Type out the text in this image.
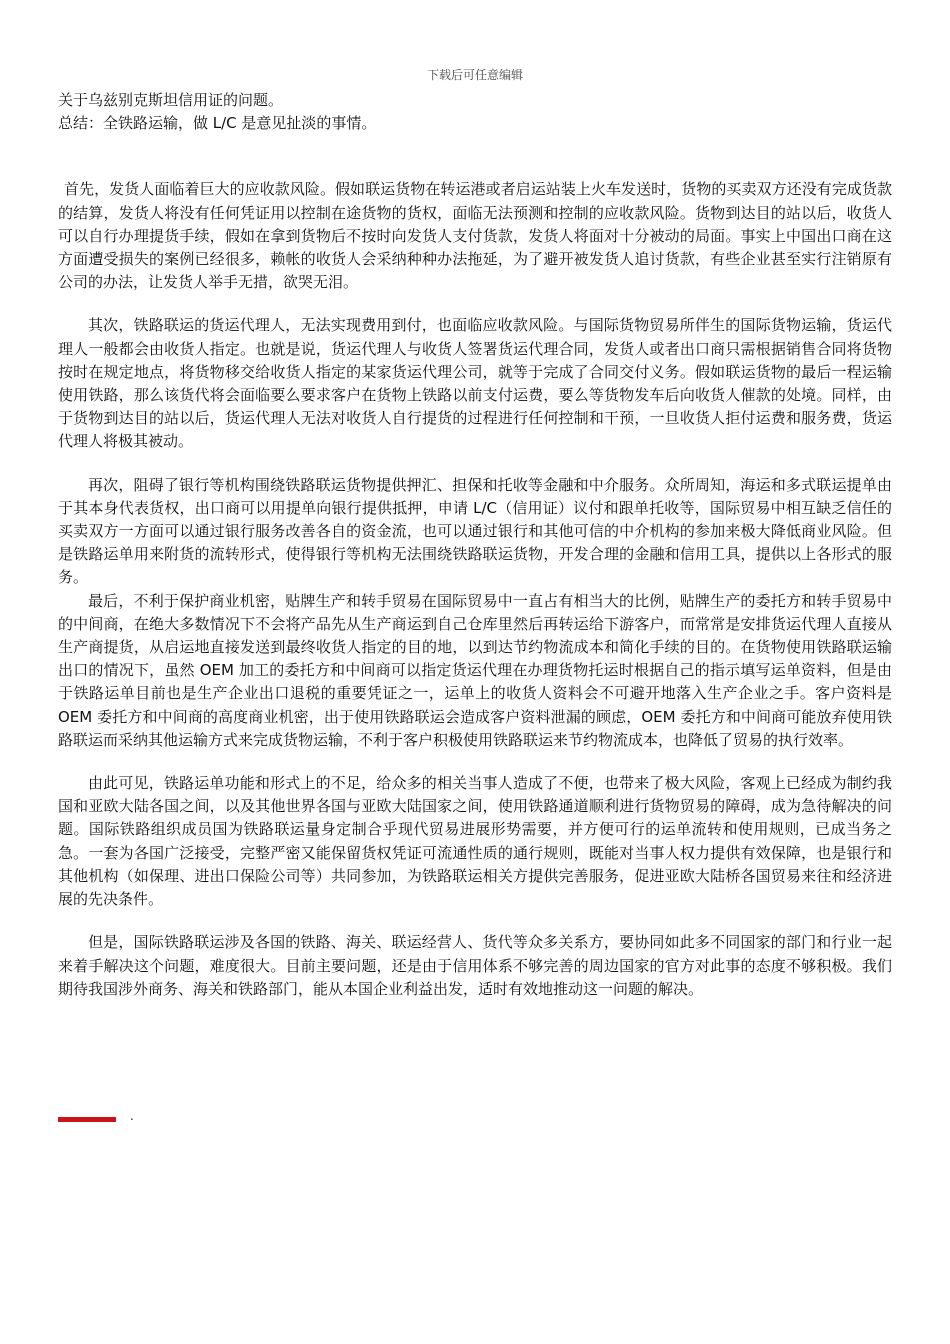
下载后可任意编辑

关于乌兹别克斯坦信用证的问题。

总结：全铁路运输，做 L/C 是意见扯淡的事情。

首先，发货人面临着巨大的应收款风险。假如联运货物在转运港或者启运站装上火车发送时，货物的买卖双方还没有完成货款的结算，发货人将没有任何凭证用以控制在途货物的货权，面临无法预测和控制的应收款风险。货物到达目的站以后，收货人可以自行办理提货手续，假如在拿到货物后不按时向发货人支付货款，发货人将面对十分被动的局面。事实上中国出口商在这方面遭受损失的案例已经很多，赖帐的收货人会采纳种种办法拖延，为了避开被发货人追讨货款，有些企业甚至实行注销原有公司的办法，让发货人举手无措，欲哭无泪。

其次，铁路联运的货运代理人，无法实现费用到付，也面临应收款风险。与国际货物贸易所伴生的国际货物运输，货运代理人一般都会由收货人指定。也就是说，货运代理人与收货人签署货运代理合同，发货人或者出口商只需根据销售合同将货物按时在规定地点，将货物移交给收货人指定的某家货运代理公司，就等于完成了合同交付义务。假如联运货物的最后一程运输使用铁路，那么该货代将会面临要么要求客户在货物上铁路以前支付运费，要么等货物发车后向收货人催款的处境。同样，由于货物到达目的站以后，货运代理人无法对收货人自行提货的过程进行任何控制和干预，一旦收货人拒付运费和服务费，货运代理人将极其被动。

再次，阻碍了银行等机构围绕铁路联运货物提供押汇、担保和托收等金融和中介服务。众所周知，海运和多式联运提单由于其本身代表货权，出口商可以用提单向银行提供抵押，申请 L/C（信用证）议付和跟单托收等，国际贸易中相互缺乏信任的买卖双方一方面可以通过银行服务改善各自的资金流，也可以通过银行和其他可信的中介机构的参加来极大降低商业风险。但是铁路运单用来附货的流转形式，使得银行等机构无法围绕铁路联运货物，开发合理的金融和信用工具，提供以上各形式的服务。

最后，不利于保护商业机密，贴牌生产和转手贸易在国际贸易中一直占有相当大的比例，贴牌生产的委托方和转手贸易中的中间商，在绝大多数情况下不会将产品先从生产商运到自己仓库里然后再转运给下游客户，而常常是安排货运代理人直接从生产商提货，从启运地直接发送到最终收货人指定的目的地，以到达节约物流成本和简化手续的目的。在货物使用铁路联运输出口的情况下，虽然 OEM 加工的委托方和中间商可以指定货运代理在办理货物托运时根据自己的指示填写运单资料，但是由于铁路运单目前也是生产企业出口退税的重要凭证之一，运单上的收货人资料会不可避开地落入生产企业之手。客户资料是 OEM 委托方和中间商的高度商业机密，出于使用铁路联运会造成客户资料泄漏的顾虑，OEM 委托方和中间商可能放弃使用铁路联运而采纳其他运输方式来完成货物运输，不利于客户积极使用铁路联运来节约物流成本，也降低了贸易的执行效率。

由此可见，铁路运单功能和形式上的不足，给众多的相关当事人造成了不便，也带来了极大风险，客观上已经成为制约我国和亚欧大陆各国之间，以及其他世界各国与亚欧大陆国家之间，使用铁路通道顺利进行货物贸易的障碍，成为急待解决的问题。国际铁路组织成员国为铁路联运量身定制合乎现代贸易进展形势需要，并方便可行的运单流转和使用规则，已成当务之急。一套为各国广泛接受，完整严密又能保留货权凭证可流通性质的通行规则，既能对当事人权力提供有效保障，也是银行和其他机构（如保理、进出口保险公司等）共同参加，为铁路联运相关方提供完善服务，促进亚欧大陆桥各国贸易来往和经济进展的先决条件。

但是，国际铁路联运涉及各国的铁路、海关、联运经营人、货代等众多关系方，要协同如此多不同国家的部门和行业一起来着手解决这个问题，难度很大。目前主要问题，还是由于信用体系不够完善的周边国家的官方对此事的态度不够积极。我们期待我国涉外商务、海关和铁路部门，能从本国企业利益出发，适时有效地推动这一问题的解决。

.
